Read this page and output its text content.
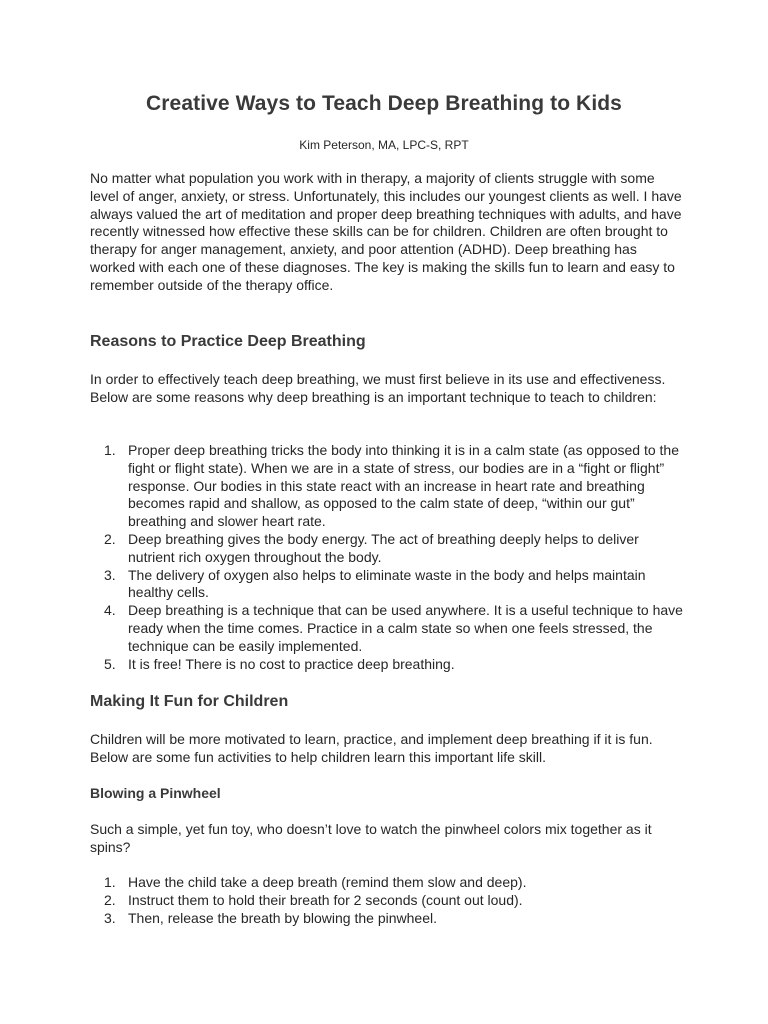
Creative Ways to Teach Deep Breathing to Kids

Kim Peterson, MA, LPC-S, RPT

No matter what population you work with in therapy, a majority of clients struggle with some level of anger, anxiety, or stress. Unfortunately, this includes our youngest clients as well. I have always valued the art of meditation and proper deep breathing techniques with adults, and have recently witnessed how effective these skills can be for children. Children are often brought to therapy for anger management, anxiety, and poor attention (ADHD). Deep breathing has worked with each one of these diagnoses. The key is making the skills fun to learn and easy to remember outside of the therapy office.

Reasons to Practice Deep Breathing

In order to effectively teach deep breathing, we must first believe in its use and effectiveness. Below are some reasons why deep breathing is an important technique to teach to children:

1. Proper deep breathing tricks the body into thinking it is in a calm state (as opposed to the fight or flight state). When we are in a state of stress, our bodies are in a “fight or flight” response. Our bodies in this state react with an increase in heart rate and breathing becomes rapid and shallow, as opposed to the calm state of deep, “within our gut” breathing and slower heart rate.
2. Deep breathing gives the body energy. The act of breathing deeply helps to deliver nutrient rich oxygen throughout the body.
3. The delivery of oxygen also helps to eliminate waste in the body and helps maintain healthy cells.
4. Deep breathing is a technique that can be used anywhere. It is a useful technique to have ready when the time comes. Practice in a calm state so when one feels stressed, the technique can be easily implemented.
5. It is free! There is no cost to practice deep breathing.
Making It Fun for Children

Children will be more motivated to learn, practice, and implement deep breathing if it is fun. Below are some fun activities to help children learn this important life skill.

Blowing a Pinwheel

Such a simple, yet fun toy, who doesn’t love to watch the pinwheel colors mix together as it spins?

1. Have the child take a deep breath (remind them slow and deep).
2. Instruct them to hold their breath for 2 seconds (count out loud).
3. Then, release the breath by blowing the pinwheel.
